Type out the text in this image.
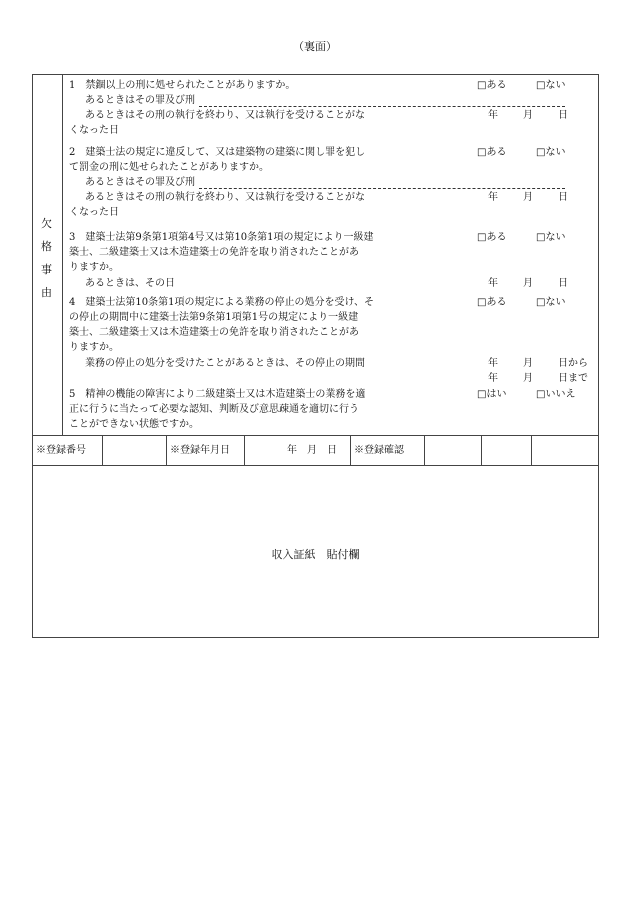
（裏面）
欠
格
事
由
1　禁錮以上の刑に処せられたことがありますか。	□ある	□ない
あるときはその罪及び刑
あるときはその刑の執行を終わり、又は執行を受けることがな	年	月	日
くなった日
2　建築士法の規定に違反して、又は建築物の建築に関し罪を犯し
て罰金の刑に処せられたことがありますか。
□ある	□ない
あるときはその罪及び刑
あるときはその刑の執行を終わり、又は執行を受けることがな	年	月	日
くなった日
3　建築士法第9条第1項第4号又は第10条第1項の規定により一級建
築士、二級建築士又は木造建築士の免許を取り消されたことがあ
りますか。
□ある	□ない
あるときは、その日	年	月	日
4　建築士法第10条第1項の規定による業務の停止の処分を受け、そ
の停止の期間中に建築士法第9条第1項第1号の規定により一級建
築士、二級建築士又は木造建築士の免許を取り消されたことがあ
りますか。
□ある	□ない
業務の停止の処分を受けたことがあるときは、その停止の期間	年	月	日から
年	月	日まで
5　精神の機能の障害により二級建築士又は木造建築士の業務を適
正に行うに当たって必要な認知、判断及び意思疎通を適切に行う
ことができない状態ですか。
□はい	□いいえ
※登録番号	※登録年月日	年　月　日	※登録確認
収入証紙　貼付欄
